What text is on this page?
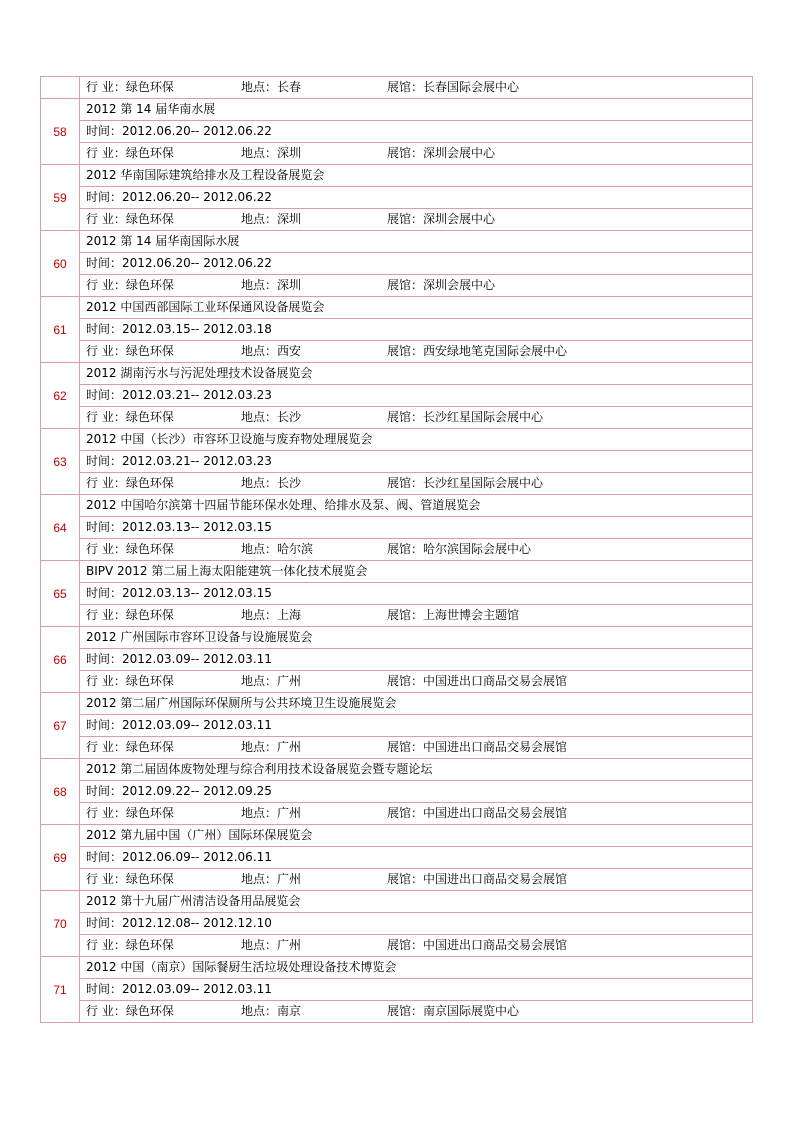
行 业：绿色环保	地点：长春	展馆：长春国际会展中心
58
2012 第 14 届华南水展
时间：2012.06.20-- 2012.06.22
行 业：绿色环保	地点：深圳	展馆：深圳会展中心
59
2012 华南国际建筑给排水及工程设备展览会
时间：2012.06.20-- 2012.06.22
行 业：绿色环保	地点：深圳	展馆：深圳会展中心
60
2012 第 14 届华南国际水展
时间：2012.06.20-- 2012.06.22
行 业：绿色环保	地点：深圳	展馆：深圳会展中心
61
2012 中国西部国际工业环保通风设备展览会
时间：2012.03.15-- 2012.03.18
行 业：绿色环保	地点：西安	展馆：西安绿地笔克国际会展中心
62
2012 湖南污水与污泥处理技术设备展览会
时间：2012.03.21-- 2012.03.23
行 业：绿色环保	地点：长沙	展馆：长沙红星国际会展中心
63
2012 中国（长沙）市容环卫设施与废弃物处理展览会
时间：2012.03.21-- 2012.03.23
行 业：绿色环保	地点：长沙	展馆：长沙红星国际会展中心
64
2012 中国哈尔滨第十四届节能环保水处理、给排水及泵、阀、管道展览会
时间：2012.03.13-- 2012.03.15
行 业：绿色环保	地点：哈尔滨	展馆：哈尔滨国际会展中心
65
BIPV 2012 第二届上海太阳能建筑一体化技术展览会
时间：2012.03.13-- 2012.03.15
行 业：绿色环保	地点：上海	展馆：上海世博会主题馆
66
2012 广州国际市容环卫设备与设施展览会
时间：2012.03.09-- 2012.03.11
行 业：绿色环保	地点：广州	展馆：中国进出口商品交易会展馆
67
2012 第二届广州国际环保厕所与公共环境卫生设施展览会
时间：2012.03.09-- 2012.03.11
行 业：绿色环保	地点：广州	展馆：中国进出口商品交易会展馆
68
2012 第二届固体废物处理与综合利用技术设备展览会暨专题论坛
时间：2012.09.22-- 2012.09.25
行 业：绿色环保	地点：广州	展馆：中国进出口商品交易会展馆
69
2012 第九届中国（广州）国际环保展览会
时间：2012.06.09-- 2012.06.11
行 业：绿色环保	地点：广州	展馆：中国进出口商品交易会展馆
70
2012 第十九届广州清洁设备用品展览会
时间：2012.12.08-- 2012.12.10
行 业：绿色环保	地点：广州	展馆：中国进出口商品交易会展馆
71
2012 中国（南京）国际餐厨生活垃圾处理设备技术博览会
时间：2012.03.09-- 2012.03.11
行 业：绿色环保	地点：南京	展馆：南京国际展览中心
